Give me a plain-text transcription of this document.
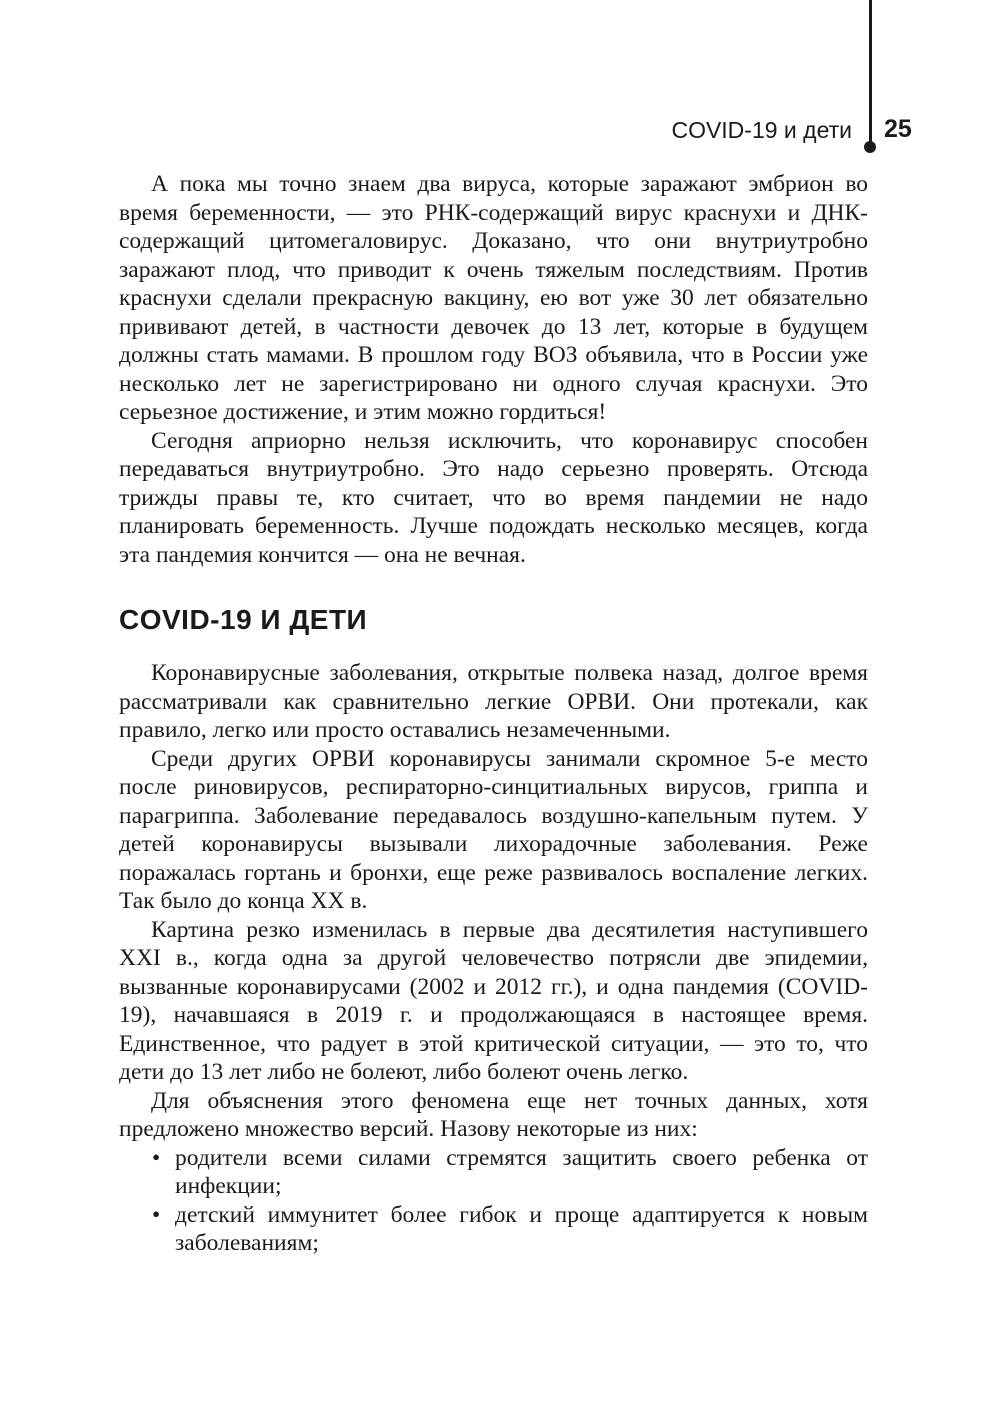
COVID-19 и дети 25

А пока мы точно знаем два вируса, которые заражают эмбрион во время беременности, — это РНК-содержащий вирус краснухи и ДНК-содержащий цитомегаловирус. Доказано, что они внутриутробно заражают плод, что приводит к очень тяжелым последствиям. Против краснухи сделали прекрасную вакцину, ею вот уже 30 лет обязательно прививают детей, в частности девочек до 13 лет, которые в будущем должны стать мамами. В прошлом году ВОЗ объявила, что в России уже несколько лет не зарегистрировано ни одного случая краснухи. Это серьезное достижение, и этим можно гордиться!

Сегодня априорно нельзя исключить, что коронавирус способен передаваться внутриутробно. Это надо серьезно проверять. Отсюда трижды правы те, кто считает, что во время пандемии не надо планировать беременность. Лучше подождать несколько месяцев, когда эта пандемия кончится — она не вечная.

COVID-19 И ДЕТИ

Коронавирусные заболевания, открытые полвека назад, долгое время рассматривали как сравнительно легкие ОРВИ. Они протекали, как правило, легко или просто оставались незамеченными.

Среди других ОРВИ коронавирусы занимали скромное 5-е место после риновирусов, респираторно-синцитиальных вирусов, гриппа и парагриппа. Заболевание передавалось воздушно-капельным путем. У детей коронавирусы вызывали лихорадочные заболевания. Реже поражалась гортань и бронхи, еще реже развивалось воспаление легких. Так было до конца XX в.

Картина резко изменилась в первые два десятилетия наступившего XXI в., когда одна за другой человечество потрясли две эпидемии, вызванные коронавирусами (2002 и 2012 гг.), и одна пандемия (COVID-19), начавшаяся в 2019 г. и продолжающаяся в настоящее время. Единственное, что радует в этой критической ситуации, — это то, что дети до 13 лет либо не болеют, либо болеют очень легко.

Для объяснения этого феномена еще нет точных данных, хотя предложено множество версий. Назову некоторые из них:

• родители всеми силами стремятся защитить своего ребенка от инфекции;
• детский иммунитет более гибок и проще адаптируется к новым заболеваниям;
